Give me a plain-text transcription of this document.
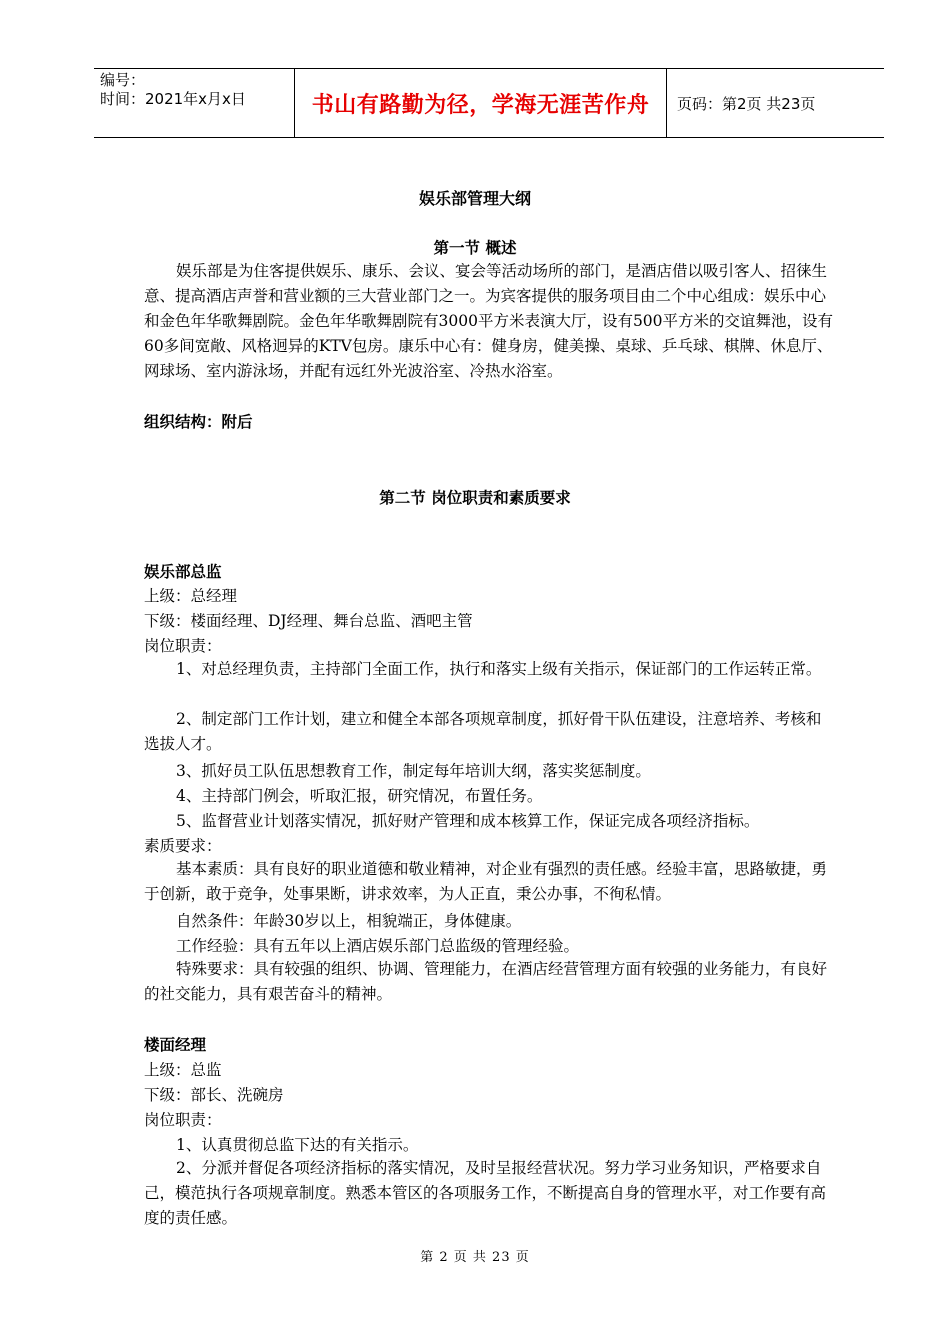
编号：
时间：2021年x月x日	书山有路勤为径，学海无涯苦作舟	页码：第2页 共23页
娱乐部管理大纲
第一节 概述
娱乐部是为住客提供娱乐、康乐、会议、宴会等活动场所的部门，是酒店借以吸引客人、招徕生意、提高酒店声誉和营业额的三大营业部门之一。为宾客提供的服务项目由二个中心组成：娱乐中心和金色年华歌舞剧院。金色年华歌舞剧院有3000平方米表演大厅，设有500平方米的交谊舞池，设有60多间宽敞、风格迥异的KTV包房。康乐中心有：健身房，健美操、桌球、乒乓球、棋牌、休息厅、网球场、室内游泳场，并配有远红外光波浴室、冷热水浴室。
组织结构：附后
第二节 岗位职责和素质要求
娱乐部总监
上级：总经理
下级：楼面经理、DJ经理、舞台总监、酒吧主管
岗位职责：
1、对总经理负责，主持部门全面工作，执行和落实上级有关指示，保证部门的工作运转正常。
2、制定部门工作计划，建立和健全本部各项规章制度，抓好骨干队伍建设，注意培养、考核和选拔人才。
3、抓好员工队伍思想教育工作，制定每年培训大纲，落实奖惩制度。
4、主持部门例会，听取汇报，研究情况，布置任务。
5、监督营业计划落实情况，抓好财产管理和成本核算工作，保证完成各项经济指标。
素质要求：
基本素质：具有良好的职业道德和敬业精神，对企业有强烈的责任感。经验丰富，思路敏捷，勇于创新，敢于竞争，处事果断，讲求效率，为人正直，秉公办事，不徇私情。
自然条件：年龄30岁以上，相貌端正，身体健康。
工作经验：具有五年以上酒店娱乐部门总监级的管理经验。
特殊要求：具有较强的组织、协调、管理能力，在酒店经营管理方面有较强的业务能力，有良好的社交能力，具有艰苦奋斗的精神。
楼面经理
上级：总监
下级：部长、洗碗房
岗位职责：
1、认真贯彻总监下达的有关指示。
2、分派并督促各项经济指标的落实情况，及时呈报经营状况。努力学习业务知识，严格要求自己，模范执行各项规章制度。熟悉本管区的各项服务工作，不断提高自身的管理水平，对工作要有高度的责任感。
第 2 页 共 23 页
